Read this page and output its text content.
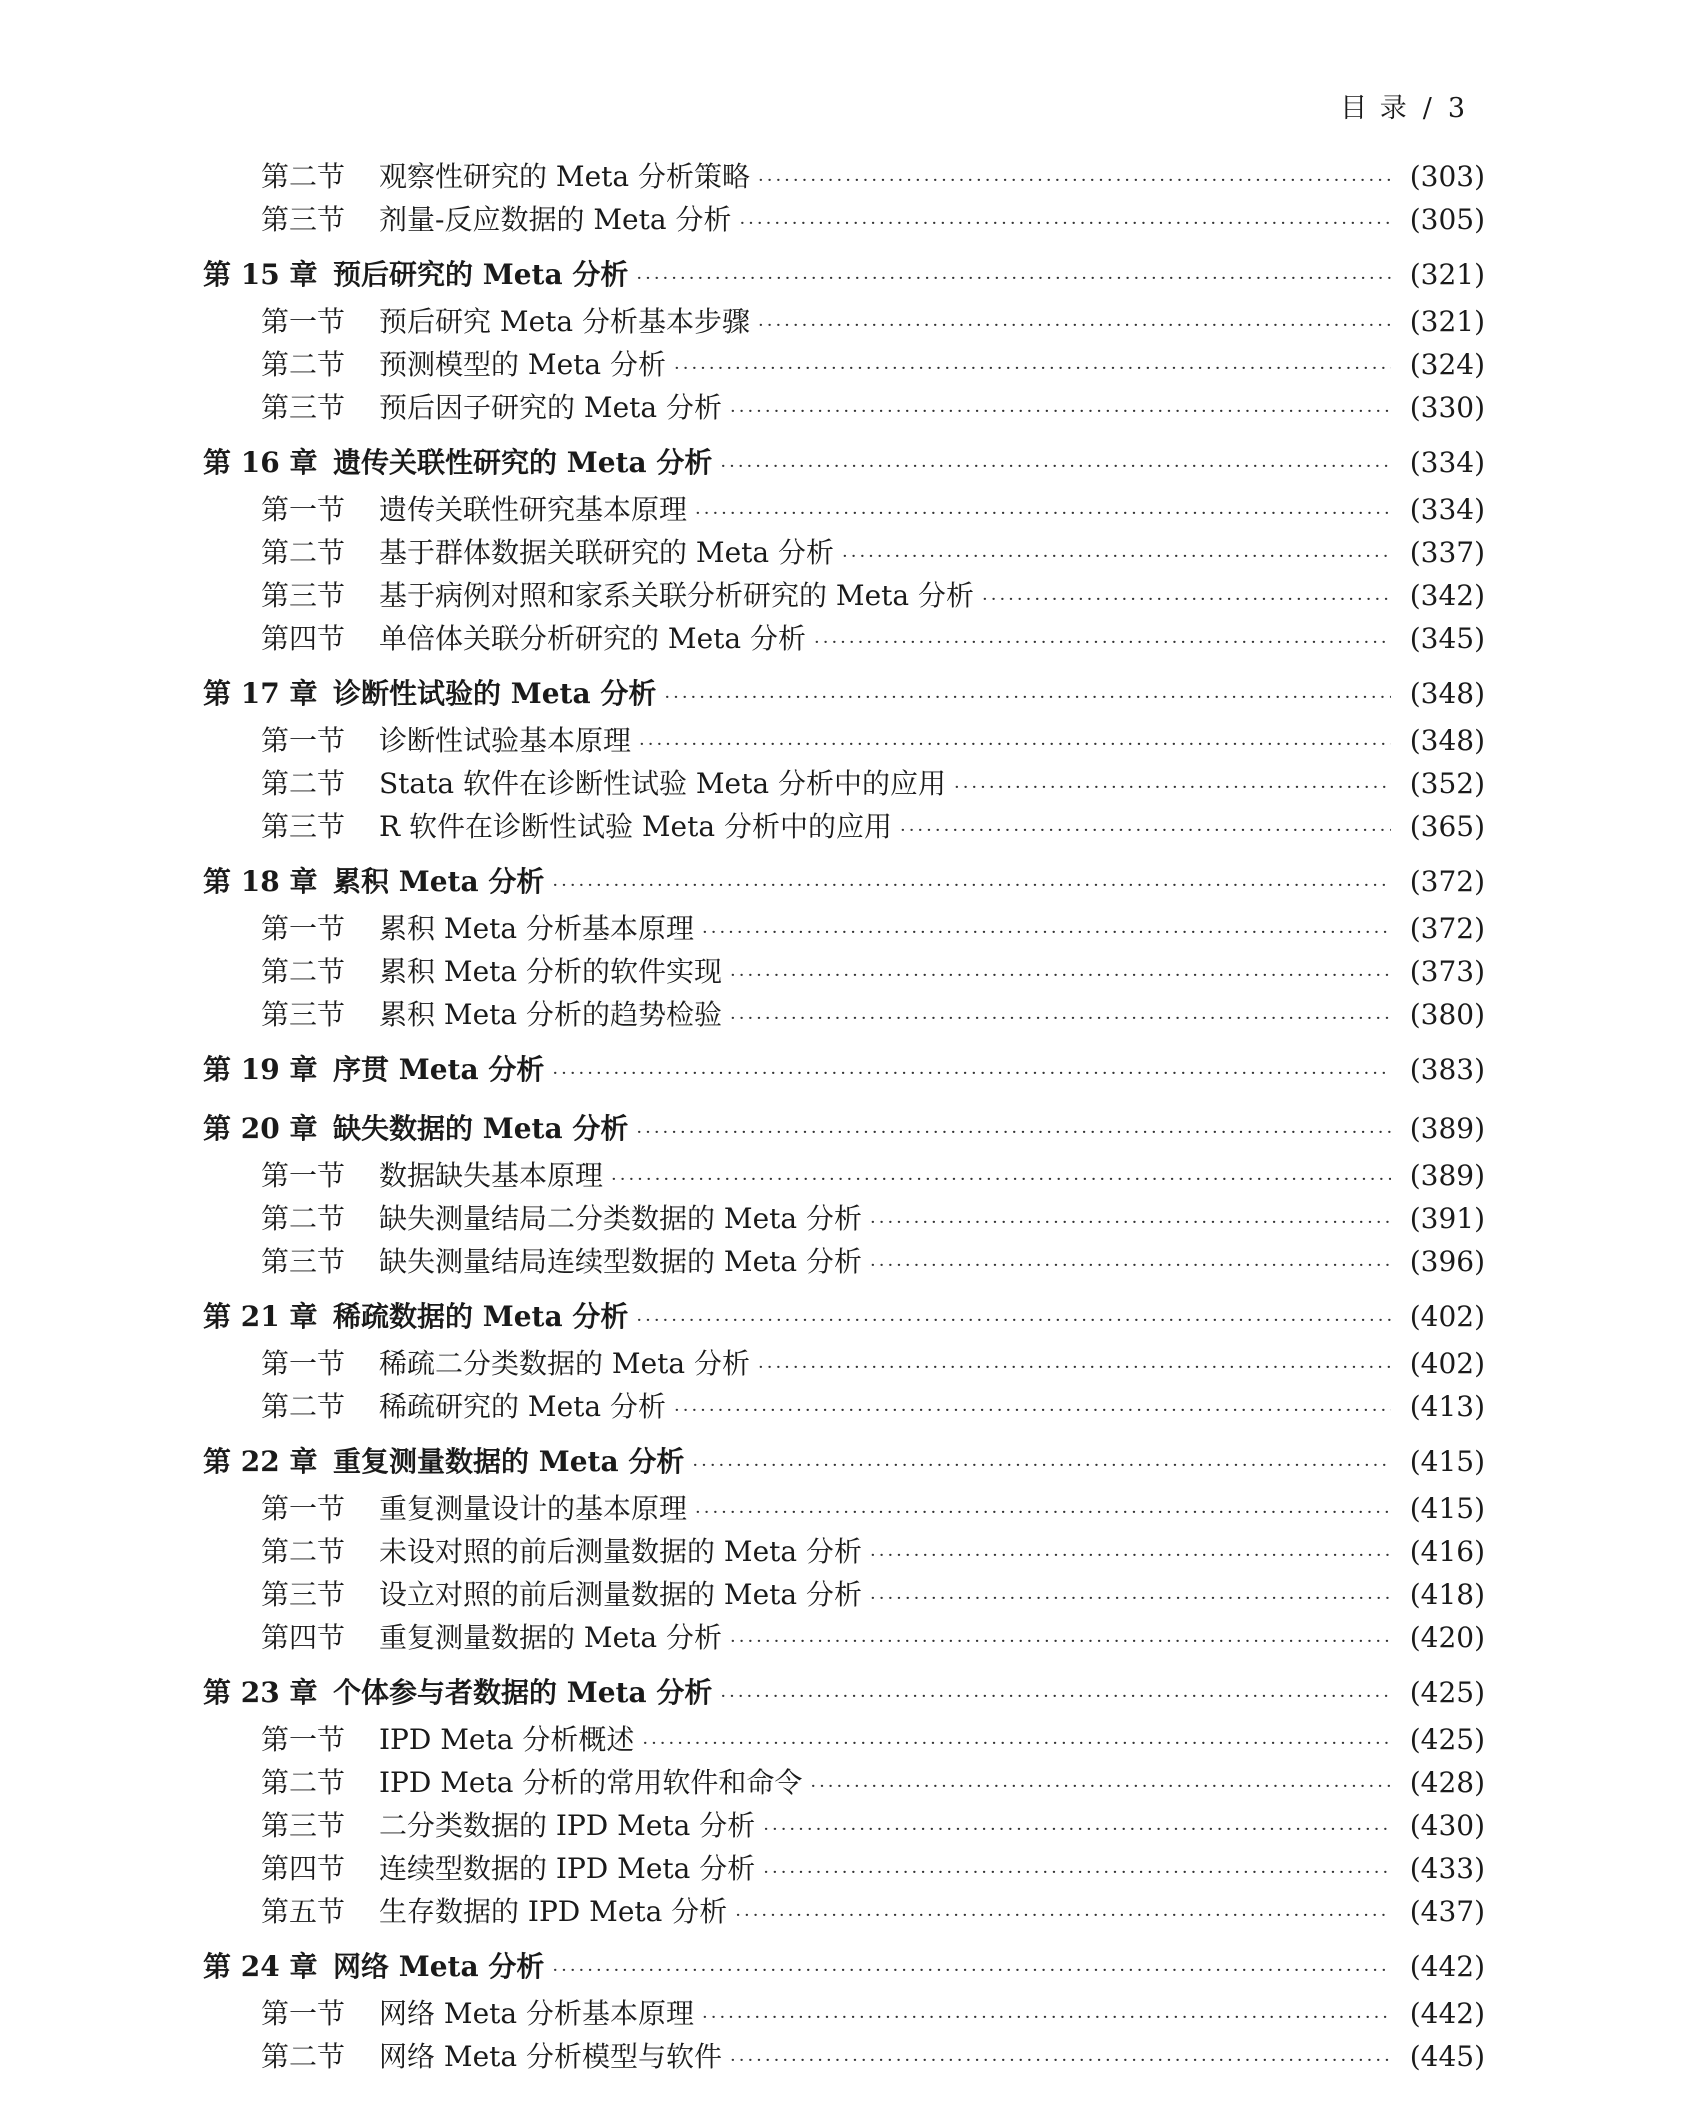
目 录 / 3
第二节	观察性研究的 Meta 分析策略 ·····	(303)
第三节	剂量-反应数据的 Meta 分析 ·····	(305)
第 15 章 预后研究的 Meta 分析 ·····	(321)
第一节	预后研究 Meta 分析基本步骤 ·····	(321)
第二节	预测模型的 Meta 分析 ·····	(324)
第三节	预后因子研究的 Meta 分析 ·····	(330)
第 16 章 遗传关联性研究的 Meta 分析 ·····	(334)
第一节	遗传关联性研究基本原理 ·····	(334)
第二节	基于群体数据关联研究的 Meta 分析 ·····	(337)
第三节	基于病例对照和家系关联分析研究的 Meta 分析 ·····	(342)
第四节	单倍体关联分析研究的 Meta 分析 ·····	(345)
第 17 章 诊断性试验的 Meta 分析 ·····	(348)
第一节	诊断性试验基本原理 ·····	(348)
第二节	Stata 软件在诊断性试验 Meta 分析中的应用 ·····	(352)
第三节	R 软件在诊断性试验 Meta 分析中的应用 ·····	(365)
第 18 章 累积 Meta 分析 ·····	(372)
第一节	累积 Meta 分析基本原理 ·····	(372)
第二节	累积 Meta 分析的软件实现 ·····	(373)
第三节	累积 Meta 分析的趋势检验 ·····	(380)
第 19 章 序贯 Meta 分析 ·····	(383)
第 20 章 缺失数据的 Meta 分析 ·····	(389)
第一节	数据缺失基本原理 ·····	(389)
第二节	缺失测量结局二分类数据的 Meta 分析 ·····	(391)
第三节	缺失测量结局连续型数据的 Meta 分析 ·····	(396)
第 21 章 稀疏数据的 Meta 分析 ·····	(402)
第一节	稀疏二分类数据的 Meta 分析 ·····	(402)
第二节	稀疏研究的 Meta 分析 ·····	(413)
第 22 章 重复测量数据的 Meta 分析 ·····	(415)
第一节	重复测量设计的基本原理 ·····	(415)
第二节	未设对照的前后测量数据的 Meta 分析 ·····	(416)
第三节	设立对照的前后测量数据的 Meta 分析 ·····	(418)
第四节	重复测量数据的 Meta 分析 ·····	(420)
第 23 章 个体参与者数据的 Meta 分析 ·····	(425)
第一节	IPD Meta 分析概述 ·····	(425)
第二节	IPD Meta 分析的常用软件和命令 ·····	(428)
第三节	二分类数据的 IPD Meta 分析 ·····	(430)
第四节	连续型数据的 IPD Meta 分析 ·····	(433)
第五节	生存数据的 IPD Meta 分析 ·····	(437)
第 24 章 网络 Meta 分析 ·····	(442)
第一节	网络 Meta 分析基本原理 ·····	(442)
第二节	网络 Meta 分析模型与软件 ·····	(445)
